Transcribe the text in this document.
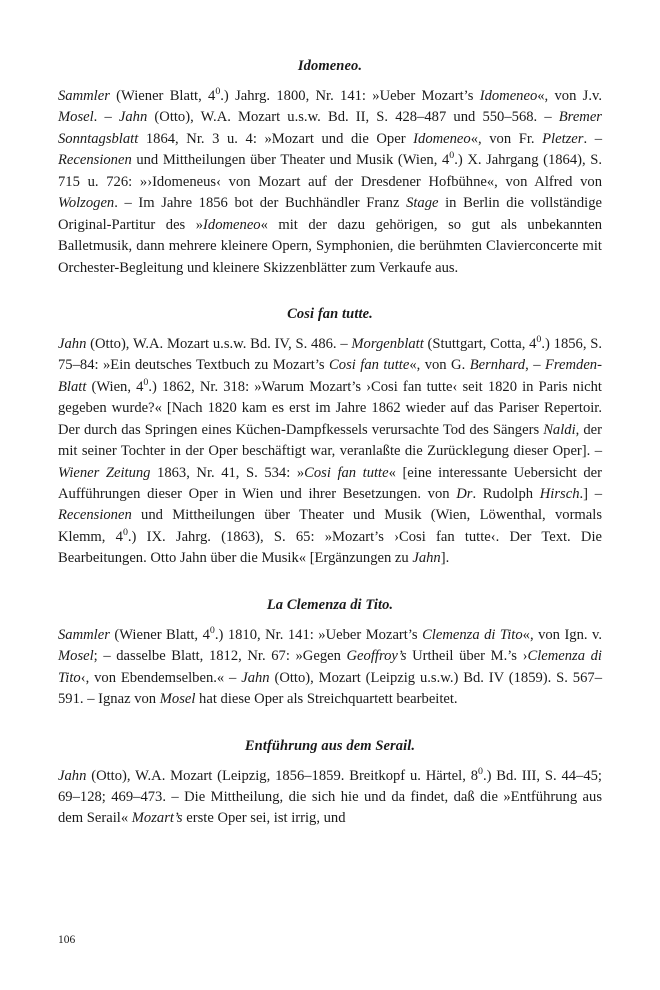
Idomeneo.

Sammler (Wiener Blatt, $4^0$.) Jahrg. 1800, Nr. 141: »Ueber Mozart’s Idomeneo«, von J.v. Mosel. – Jahn (Otto), W.A. Mozart u.s.w. Bd. II, S. 428–487 und 550–568. – Bremer Sonntagsblatt 1864, Nr. 3 u. 4: »Mozart und die Oper Idomeneo«, von Fr. Pletzer. – Recensionen und Mittheilungen über Theater und Musik (Wien, $4^0$.) X. Jahrgang (1864), S. 715 u. 726: »›Idomeneus‹ von Mozart auf der Dresdener Hofbühne«, von Alfred von Wolzogen. – Im Jahre 1856 bot der Buchhändler Franz Stage in Berlin die vollständige Original-Partitur des »Idomeneo« mit der dazu gehörigen, so gut als unbekannten Balletmusik, dann mehrere kleinere Opern, Symphonien, die berühmten Clavierconcerte mit Orchester-Begleitung und kleinere Skizzenblätter zum Verkaufe aus.

Cosi fan tutte.

Jahn (Otto), W.A. Mozart u.s.w. Bd. IV, S. 486. – Morgenblatt (Stuttgart, Cotta, $4^0$.) 1856, S. 75–84: »Ein deutsches Textbuch zu Mozart’s Cosi fan tutte«, von G. Bernhard, – Fremden-Blatt (Wien, $4^0$.) 1862, Nr. 318: »Warum Mozart’s ›Cosi fan tutte‹ seit 1820 in Paris nicht gegeben wurde?« [Nach 1820 kam es erst im Jahre 1862 wieder auf das Pariser Repertoir. Der durch das Springen eines Küchen-Dampfkessels verursachte Tod des Sängers Naldi, der mit seiner Tochter in der Oper beschäftigt war, veranlaßte die Zurücklegung dieser Oper]. – Wiener Zeitung 1863, Nr. 41, S. 534: »Cosi fan tutte« [eine interessante Uebersicht der Aufführungen dieser Oper in Wien und ihrer Besetzungen. von Dr. Rudolph Hirsch.] – Recensionen und Mittheilungen über Theater und Musik (Wien, Löwenthal, vormals Klemm, $4^0$.) IX. Jahrg. (1863), S. 65: »Mozart’s ›Cosi fan tutte‹. Der Text. Die Bearbeitungen. Otto Jahn über die Musik« [Ergänzungen zu Jahn].

La Clemenza di Tito.

Sammler (Wiener Blatt, $4^0$.) 1810, Nr. 141: »Ueber Mozart’s Clemenza di Tito«, von Ign. v. Mosel; – dasselbe Blatt, 1812, Nr. 67: »Gegen Geoffroy’s Urtheil über M.’s ›Clemenza di Tito‹, von Ebendemselben.« – Jahn (Otto), Mozart (Leipzig u.s.w.) Bd. IV (1859). S. 567–591. – Ignaz von Mosel hat diese Oper als Streichquartett bearbeitet.

Entführung aus dem Serail.

Jahn (Otto), W.A. Mozart (Leipzig, 1856–1859. Breitkopf u. Härtel, $8^0$.) Bd. III, S. 44–45; 69–128; 469–473. – Die Mittheilung, die sich hie und da findet, daß die »Entführung aus dem Serail« Mozart’s erste Oper sei, ist irrig, und

106
